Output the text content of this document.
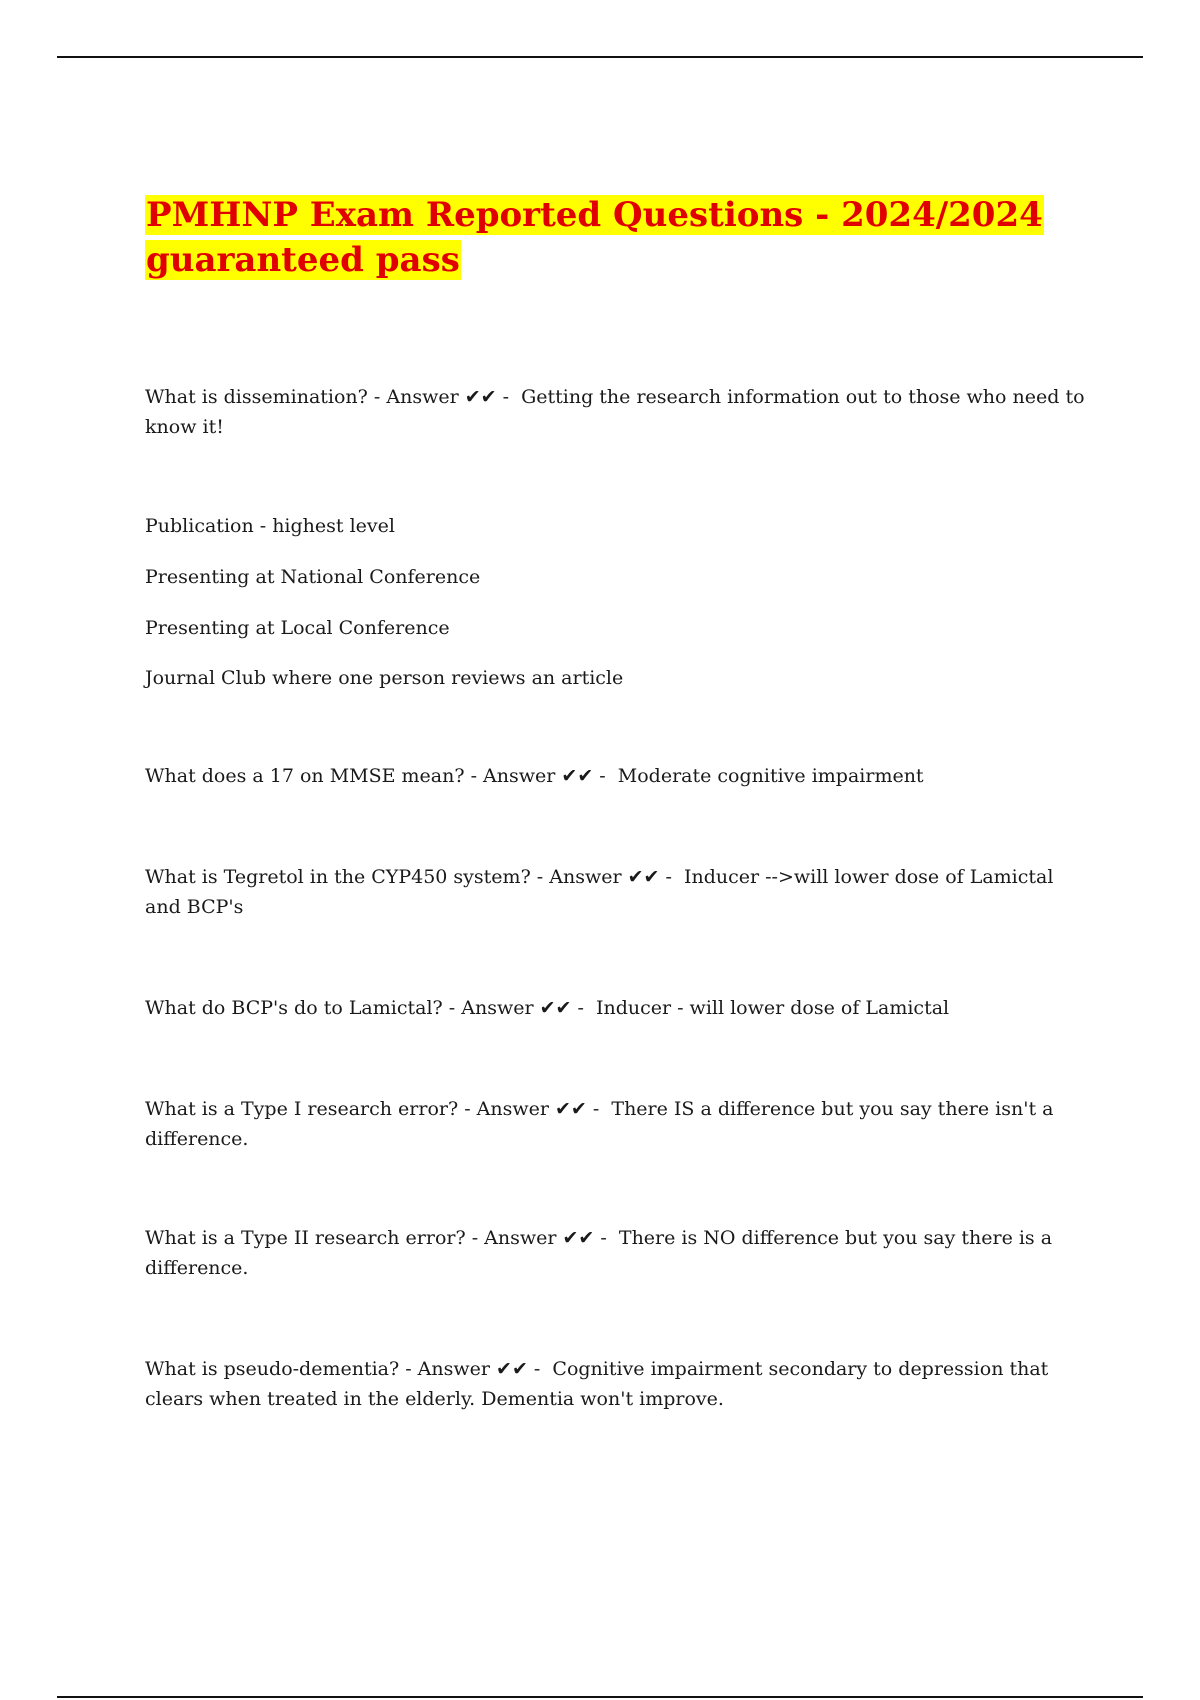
PMHNP Exam Reported Questions - 2024/2024
guaranteed pass

What is dissemination? - Answer ✔✔ -  Getting the research information out to those who need to know it!

Publication - highest level

Presenting at National Conference

Presenting at Local Conference

Journal Club where one person reviews an article

What does a 17 on MMSE mean? - Answer ✔✔ -  Moderate cognitive impairment

What is Tegretol in the CYP450 system? - Answer ✔✔ -  Inducer -->will lower dose of Lamictal and BCP's

What do BCP's do to Lamictal? - Answer ✔✔ -  Inducer - will lower dose of Lamictal

What is a Type I research error? - Answer ✔✔ -  There IS a difference but you say there isn't a difference.

What is a Type II research error? - Answer ✔✔ -  There is NO difference but you say there is a difference.

What is pseudo-dementia? - Answer ✔✔ -  Cognitive impairment secondary to depression that clears when treated in the elderly. Dementia won't improve.
